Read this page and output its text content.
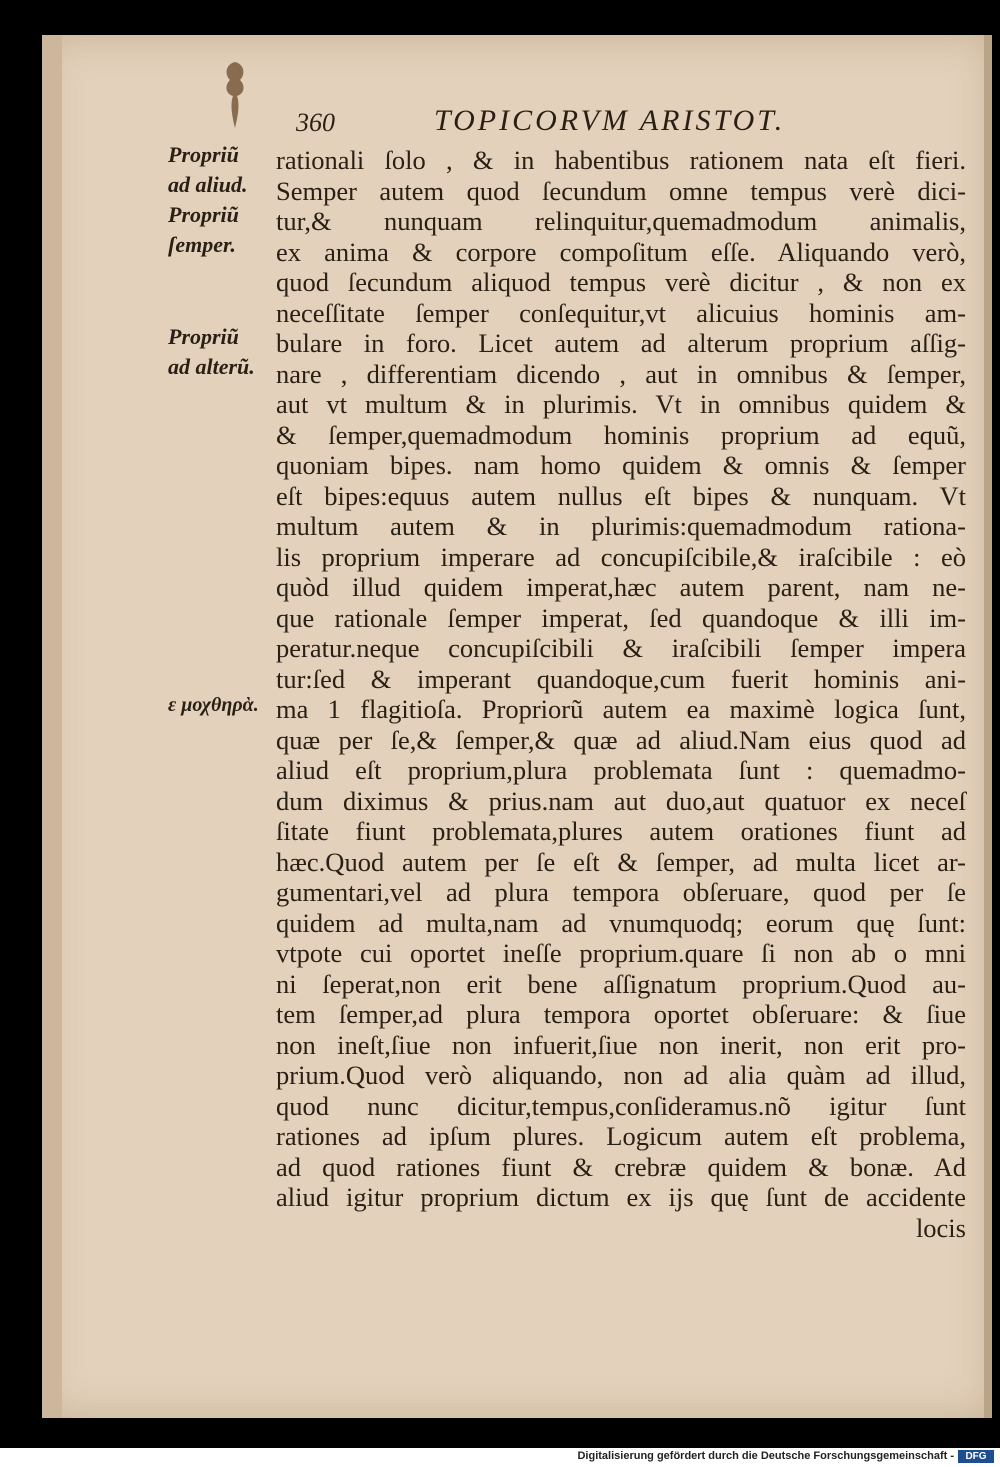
360	TOPICORVM ARISTOT.
Propriũ
ad aliud.
Propriũ
ſemper.
Propriũ
ad alterũ.
ε μοχθηρὰ.
rationali ſolo , & in habentibus rationem nata eſt fieri.
Semper autem quod ſecundum omne tempus verè dici-
tur,& nunquam relinquitur,quemadmodum animalis,
ex anima & corpore compoſitum eſſe. Aliquando verò,
quod ſecundum aliquod tempus verè dicitur , & non ex
neceſſitate ſemper conſequitur,vt alicuius hominis am-
bulare in foro. Licet autem ad alterum proprium aſſig-
nare , differentiam dicendo , aut in omnibus & ſemper,
aut vt multum & in plurimis. Vt in omnibus quidem &
& ſemper,quemadmodum hominis proprium ad equũ,
quoniam bipes. nam homo quidem & omnis & ſemper
eſt bipes:equus autem nullus eſt bipes & nunquam. Vt
multum autem & in plurimis:quemadmodum rationa-
lis proprium imperare ad concupiſcibile,& iraſcibile : eò
quòd illud quidem imperat,hæc autem parent, nam ne-
que rationale ſemper imperat, ſed quandoque & illi im-
peratur.neque concupiſcibili & iraſcibili ſemper impera
tur:ſed & imperant quandoque,cum fuerit hominis ani-
ma 1 flagitioſa. Propriorũ autem ea maximè logica ſunt,
quæ per ſe,& ſemper,& quæ ad aliud.Nam eius quod ad
aliud eſt proprium,plura problemata ſunt : quemadmo-
dum diximus & prius.nam aut duo,aut quatuor ex neceſ
ſitate fiunt problemata,plures autem orationes fiunt ad
hæc.Quod autem per ſe eſt & ſemper, ad multa licet ar-
gumentari,vel ad plura tempora obſeruare, quod per ſe
quidem ad multa,nam ad vnumquodq; eorum quę ſunt:
vtpote cui oportet ineſſe proprium.quare ſi non ab o mni
ni ſeperat,non erit bene aſſignatum proprium.Quod au-
tem ſemper,ad plura tempora oportet obſeruare: & ſiue
non ineſt,ſiue non infuerit,ſiue non inerit, non erit pro-
prium.Quod verò aliquando, non ad alia quàm ad illud,
quod nunc dicitur,tempus,conſideramus.nõ igitur ſunt
rationes ad ipſum plures. Logicum autem eſt problema,
ad quod rationes fiunt & crebræ quidem & bonæ. Ad
aliud igitur proprium dictum ex ijs quę ſunt de accidente
locis
Digitalisierung gefördert durch die Deutsche Forschungsgemeinschaft -	DFG
